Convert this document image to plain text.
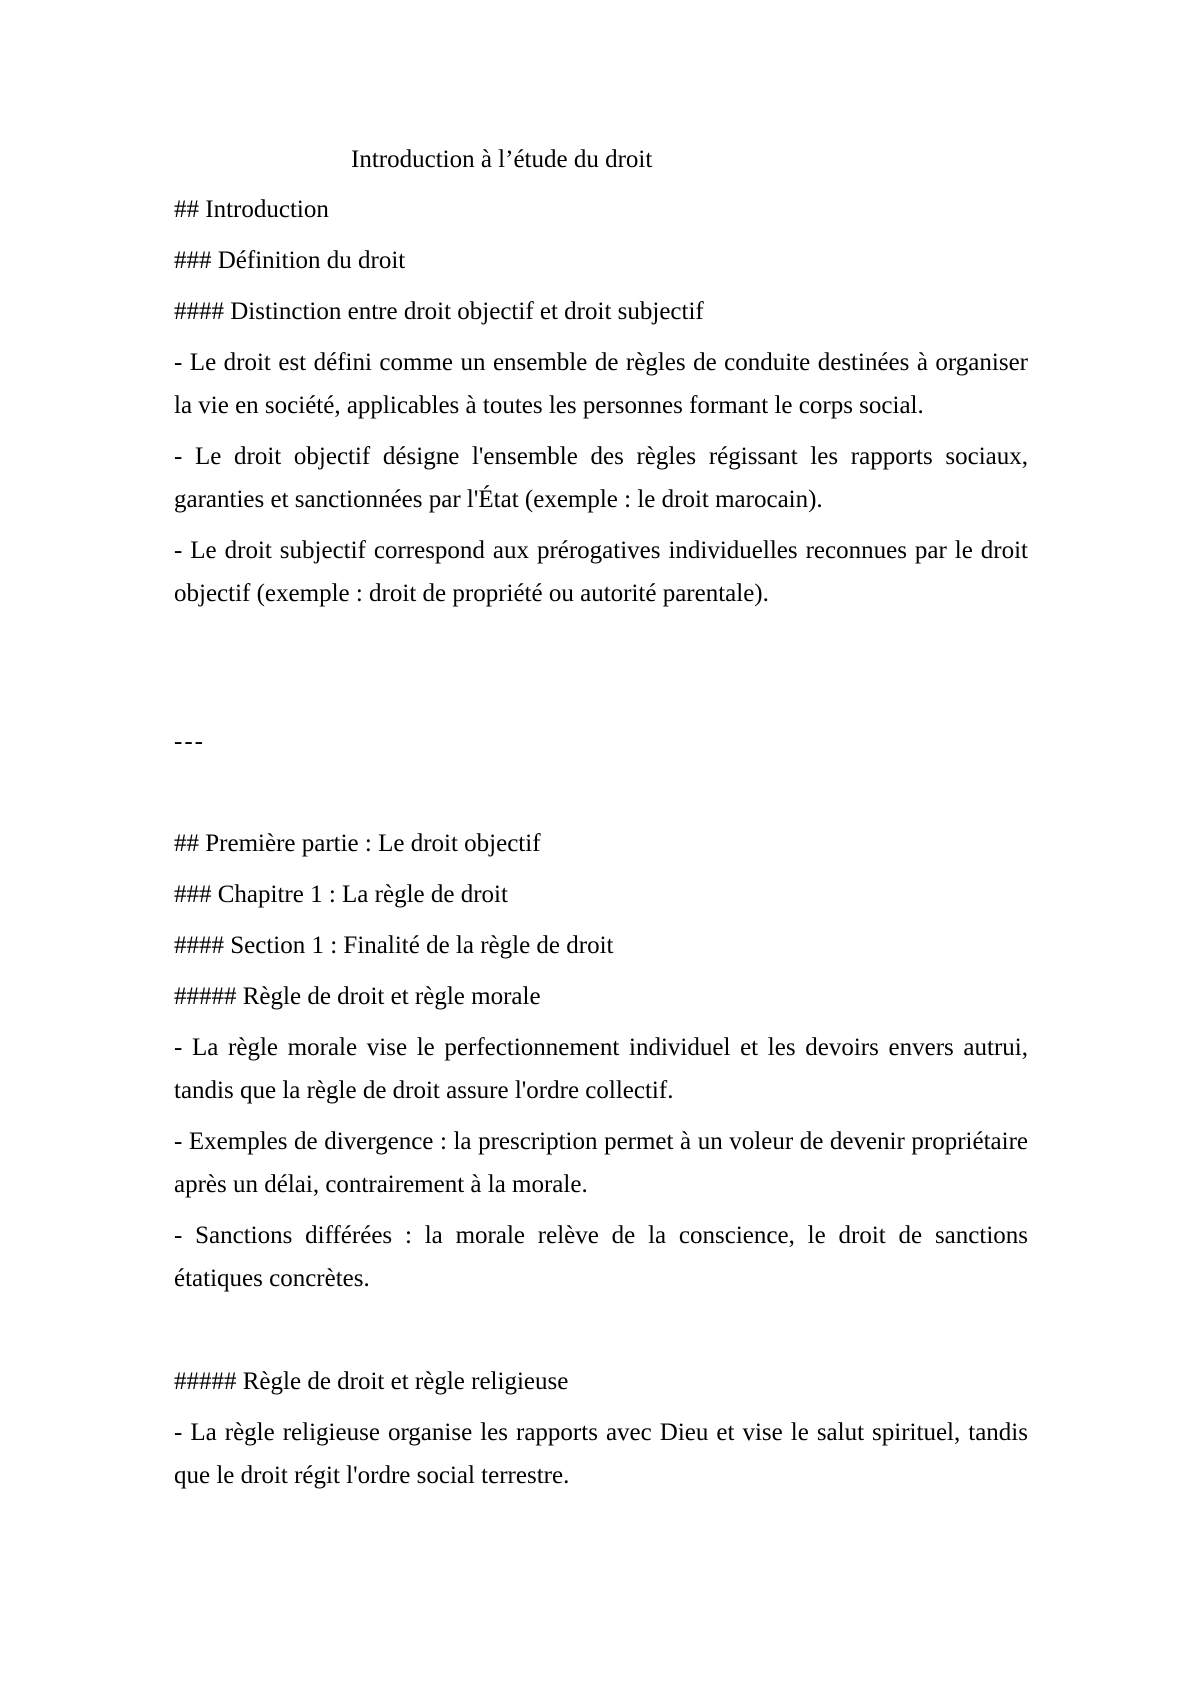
Introduction à l’étude du droit
## Introduction
### Définition du droit
#### Distinction entre droit objectif et droit subjectif
- Le droit est défini comme un ensemble de règles de conduite destinées à organiser la vie en société, applicables à toutes les personnes formant le corps social.
- Le droit objectif désigne l'ensemble des règles régissant les rapports sociaux, garanties et sanctionnées par l'État (exemple : le droit marocain).
- Le droit subjectif correspond aux prérogatives individuelles reconnues par le droit objectif (exemple : droit de propriété ou autorité parentale).
---
## Première partie : Le droit objectif
### Chapitre 1 : La règle de droit
#### Section 1 : Finalité de la règle de droit
##### Règle de droit et règle morale
- La règle morale vise le perfectionnement individuel et les devoirs envers autrui, tandis que la règle de droit assure l'ordre collectif.
- Exemples de divergence : la prescription permet à un voleur de devenir propriétaire après un délai, contrairement à la morale.
- Sanctions différées : la morale relève de la conscience, le droit de sanctions étatiques concrètes.
##### Règle de droit et règle religieuse
- La règle religieuse organise les rapports avec Dieu et vise le salut spirituel, tandis que le droit régit l'ordre social terrestre.
